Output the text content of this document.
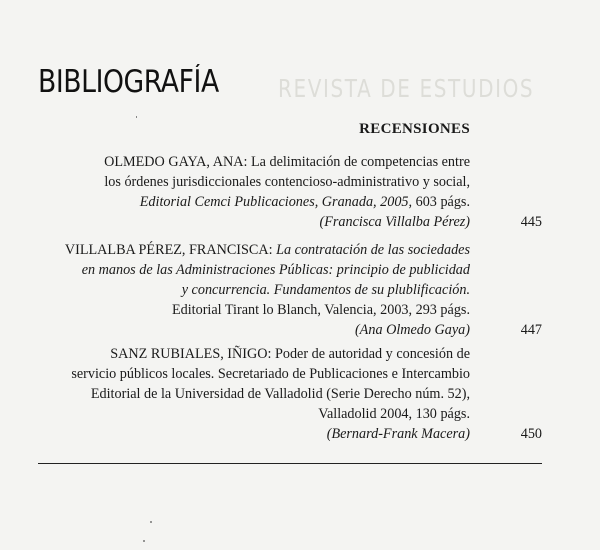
REVISTA DE ESTUDIOS
BIBLIOGRAFÍA
RECENSIONES
OLMEDO GAYA, ANA: La delimitación de competencias entre
los órdenes jurisdiccionales contencioso-administrativo y social,
Editorial Cemci Publicaciones, Granada, 2005, 603 págs.
(Francisca Villalba Pérez)	445
VILLALBA PÉREZ, FRANCISCA: La contratación de las sociedades
en manos de las Administraciones Públicas: principio de publicidad
y concurrencia. Fundamentos de su plublificación.
Editorial Tirant lo Blanch, Valencia, 2003, 293 págs.
(Ana Olmedo Gaya)	447
SANZ RUBIALES, IÑIGO: Poder de autoridad y concesión de
servicio públicos locales. Secretariado de Publicaciones e Intercambio
Editorial de la Universidad de Valladolid (Serie Derecho núm. 52),
Valladolid 2004, 130 págs.
(Bernard-Frank Macera)	450
